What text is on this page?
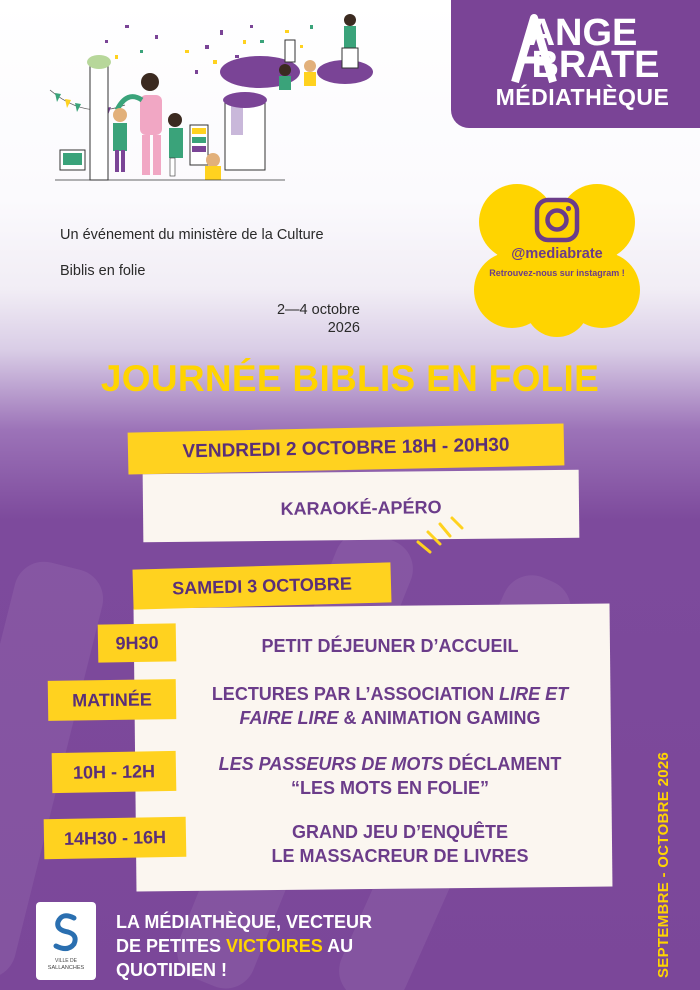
ANGE
BRATE
MÉDIATHÈQUE
Un événement du ministère de la Culture
Biblis en folie
2—4 octobre
2026
@mediabrate
Retrouvez-nous sur instagram !
JOURNÉE BIBLIS EN FOLIE
KARAOKÉ-APÉRO
VENDREDI 2 OCTOBRE 18H - 20H30
SAMEDI 3 OCTOBRE
9H30	PETIT DÉJEUNER D’ACCUEIL
MATINÉE	LECTURES PAR L’ASSOCIATION LIRE ET
FAIRE LIRE & ANIMATION GAMING
10H - 12H	LES PASSEURS DE MOTS DÉCLAMENT
“LES MOTS EN FOLIE”
14H30 - 16H	GRAND JEU D’ENQUÊTE
LE MASSACREUR DE LIVRES
VILLE DE
SALLANCHES
LA MÉDIATHÈQUE, VECTEUR
DE PETITES VICTOIRES AU
QUOTIDIEN !	SEPTEMBRE - OCTOBRE 2026
